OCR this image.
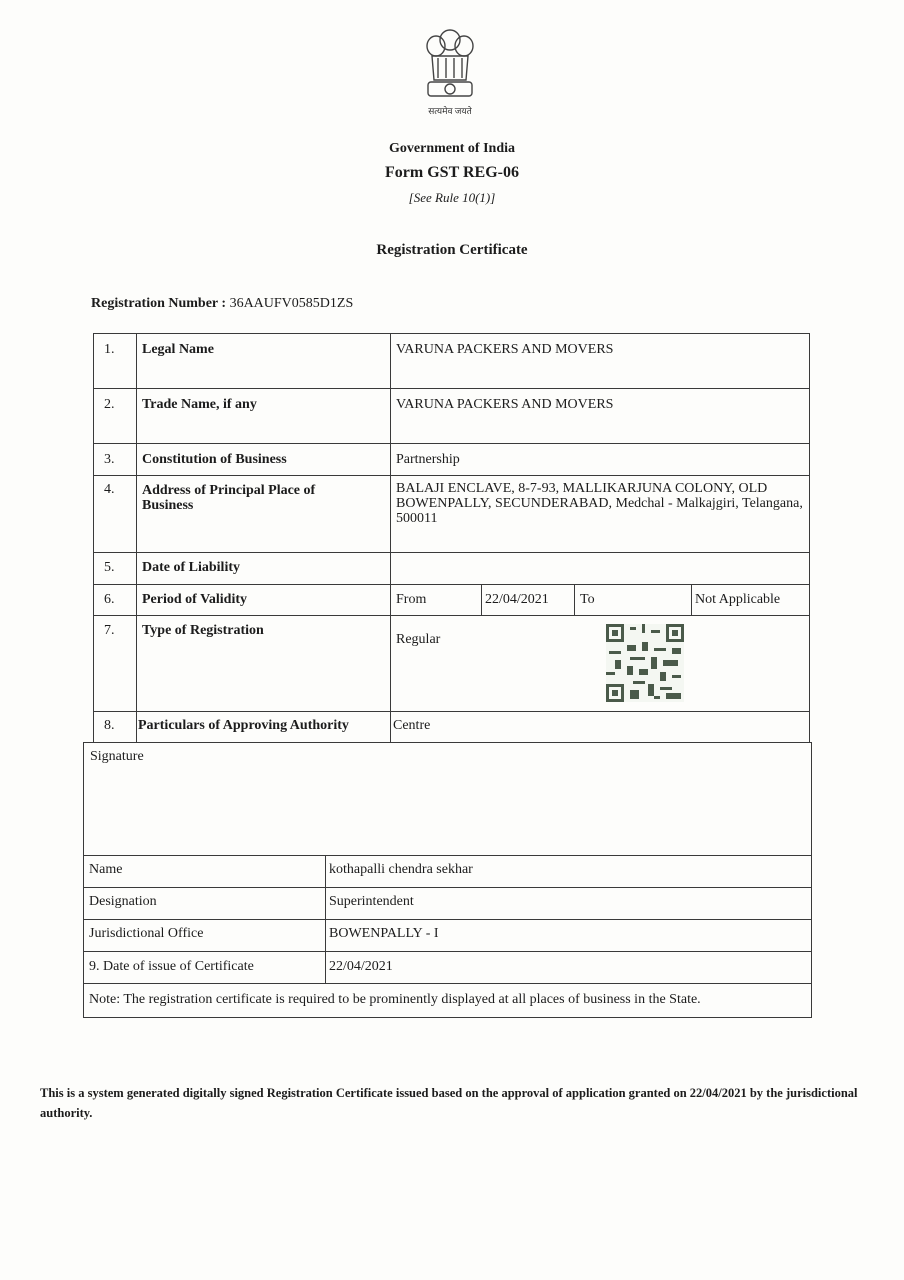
सत्यमेव जयते
Government of India
Form GST REG-06
[See Rule 10(1)]
Registration Certificate
Registration Number : 36AAUFV0585D1ZS
1. Legal Name	VARUNA PACKERS AND MOVERS
2. Trade Name, if any	VARUNA PACKERS AND MOVERS
3. Constitution of Business	Partnership
4. Address of Principal Place of Business
BALAJI ENCLAVE, 8-7-93, MALLIKARJUNA COLONY, OLD BOWENPALLY, SECUNDERABAD, Medchal - Malkajgiri, Telangana, 500011
5. Date of Liability
6. Period of Validity	From	22/04/2021 To	Not Applicable
7. Type of Registration
Regular
8. Particulars of Approving Authority	Centre
Signature
Name	kothapalli chendra sekhar
Designation	Superintendent
Jurisdictional Office	BOWENPALLY - I
9. Date of issue of Certificate	22/04/2021
Note: The registration certificate is required to be prominently displayed at all places of business in the State.
This is a system generated digitally signed Registration Certificate issued based on the approval of application granted on 22/04/2021 by the jurisdictional authority.
